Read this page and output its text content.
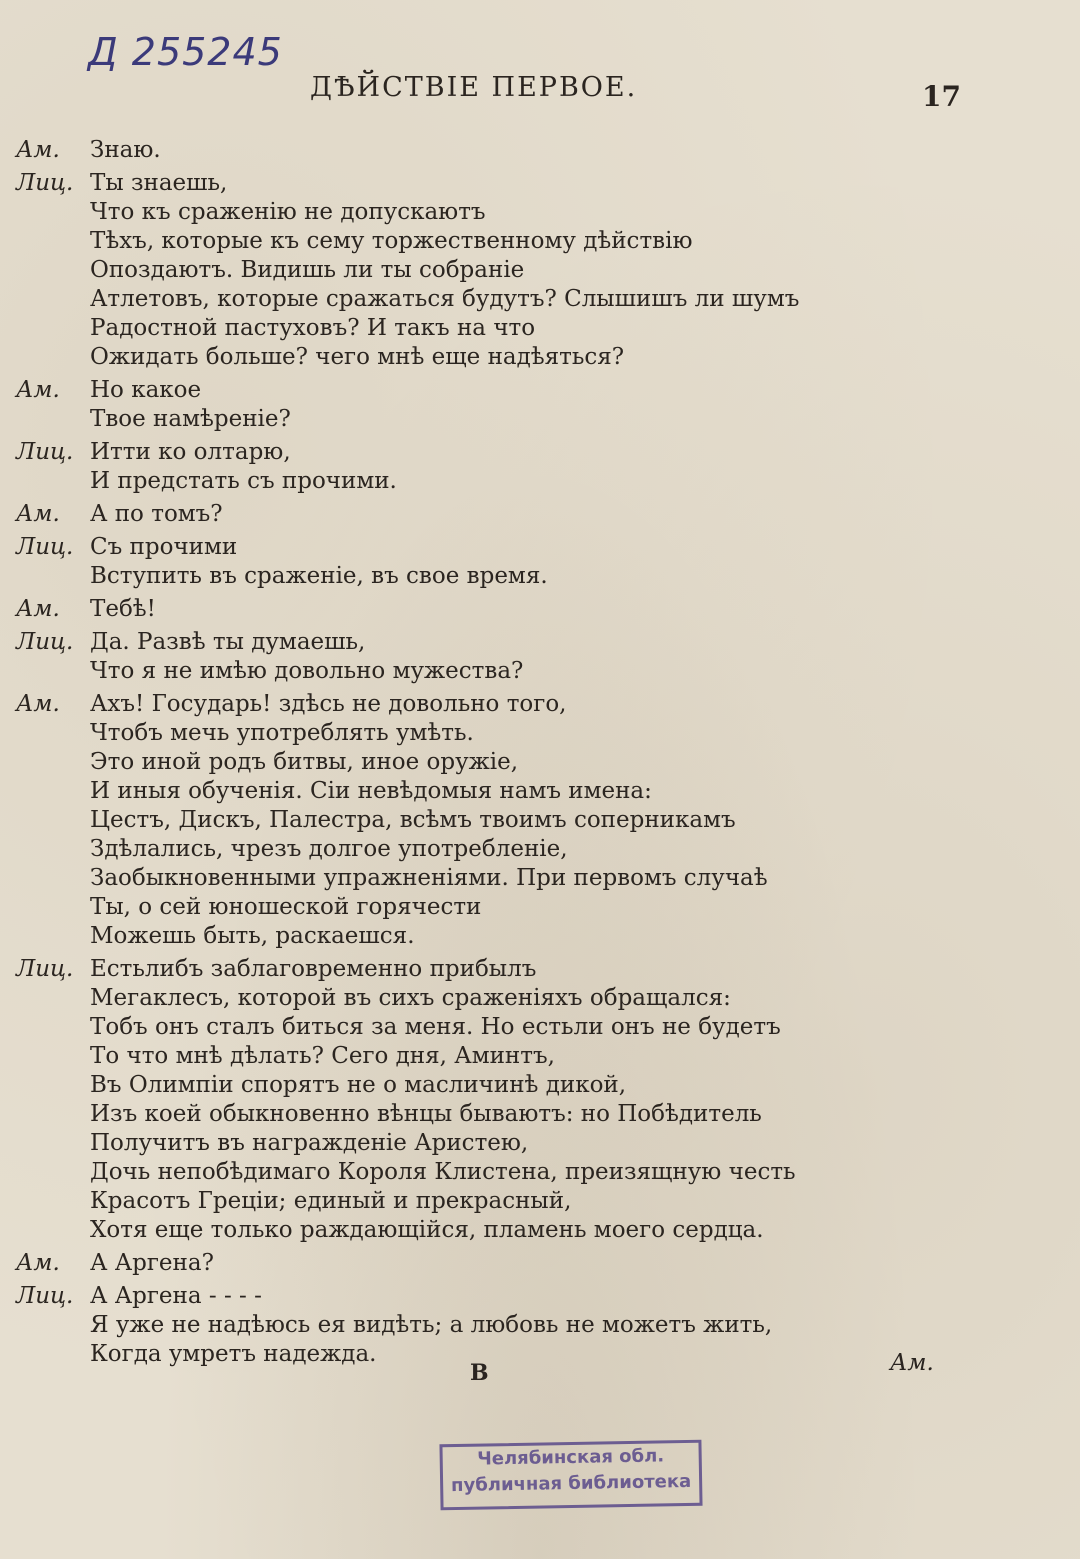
Д 255245
ДѢЙСТВІЕ ПЕРВОЕ.	17
Ам. Знаю.
Лиц. Ты знаешь,
Что къ сраженію не допускаютъ
Тѣхъ, которые къ сему торжественному дѣйствію
Опоздаютъ. Видишь ли ты собраніе
Атлетовъ, которые сражаться будутъ? Слышишъ ли шумъ
Радостной пастуховъ? И такъ на что
Ожидать больше? чего мнѣ еще надѣяться?
Ам. Но какое
Твое намѣреніе?
Лиц. Итти ко олтарю,
И предстать съ прочими.
Ам. А по томъ?
Лиц. Съ прочими
Вступить въ сраженіе, въ свое время.
Ам. Тебѣ!
Лиц. Да. Развѣ ты думаешь,
Что я не имѣю довольно мужества?
Ам. Ахъ! Государь! здѣсь не довольно того,
Чтобъ мечь употреблять умѣть.
Это иной родъ битвы, иное оружіе,
И иныя обученія. Сіи невѣдомыя намъ имена:
Цестъ, Дискъ, Палестра, всѣмъ твоимъ соперникамъ
Здѣлались, чрезъ долгое употребленіе,
Заобыкновенными упражненіями. При первомъ случаѣ
Ты, о сей юношеской горячести
Можешь быть, раскаешся.
Лиц. Естьлибъ заблаговременно прибылъ
Мегаклесъ, которой въ сихъ сраженіяхъ обращался:
Тобъ онъ сталъ биться за меня. Но естьли онъ не будетъ
То что мнѣ дѣлать? Сего дня, Аминтъ,
Въ Олимпіи спорятъ не о масличинѣ дикой,
Изъ коей обыкновенно вѣнцы бываютъ: но Побѣдитель
Получитъ въ награжденіе Аристею,
Дочь непобѣдимаго Короля Клистена, преизящную честь
Красотъ Греціи; единый и прекрасный,
Хотя еще только раждающійся, пламень моего сердца.
Ам. А Аргена?
Лиц. А Аргена - - - -
Я уже не надѣюсь ея видѣть; а любовь не можетъ жить,
Когда умретъ надежда.
В	Ам.
Челябинская обл.
публичная библиотека
